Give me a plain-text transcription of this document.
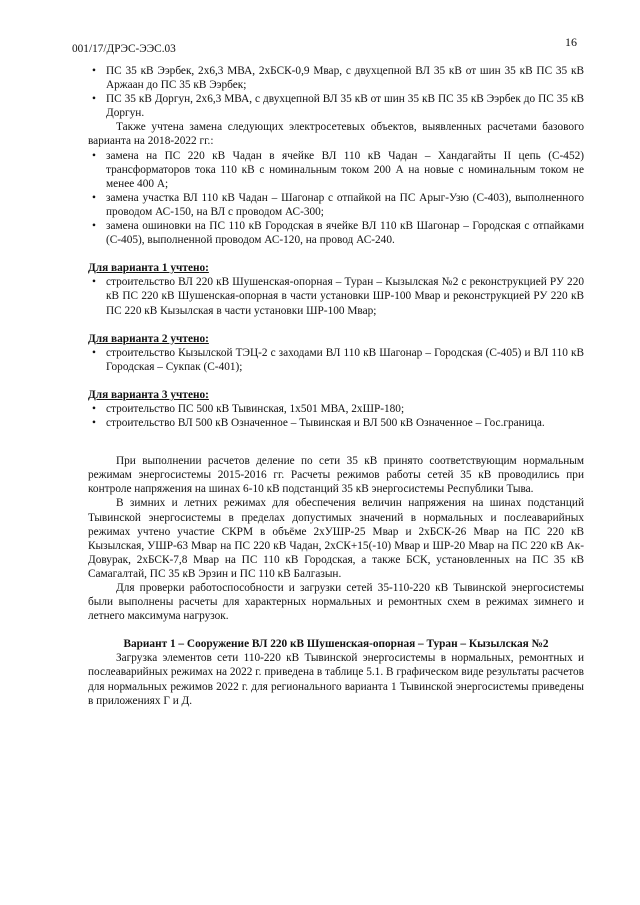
001/17/ДРЭС-ЭЭС.03	16
• ПС 35 кВ Ээрбек, 2х6,3 МВА, 2хБСК-0,9 Мвар, с двухцепной ВЛ 35 кВ от шин 35 кВ ПС 35 кВ Аржаан до ПС 35 кВ Ээрбек;
• ПС 35 кВ Доргун, 2х6,3 МВА, с двухцепной ВЛ 35 кВ от шин 35 кВ ПС 35 кВ Ээрбек до ПС 35 кВ Доргун.

Также учтена замена следующих электросетевых объектов, выявленных расчетами базового варианта на 2018-2022 гг.:

• замена на ПС 220 кВ Чадан в ячейке ВЛ 110 кВ Чадан – Хандагайты II цепь (С-452) трансформаторов тока 110 кВ с номинальным током 200 А на новые с номинальным током не менее 400 А;
• замена участка ВЛ 110 кВ Чадан – Шагонар с отпайкой на ПС Арыг-Узю (С-403), выполненного проводом АС-150, на ВЛ с проводом АС-300;
• замена ошиновки на ПС 110 кВ Городская в ячейке ВЛ 110 кВ Шагонар – Городская с отпайками (С-405), выполненной проводом АС-120, на провод АС-240.
Для варианта 1 учтено:
• строительство ВЛ 220 кВ Шушенская-опорная – Туран – Кызылская №2 с реконструкцией РУ 220 кВ ПС 220 кВ Шушенская-опорная в части установки ШР-100 Мвар и реконструкцией РУ 220 кВ ПС 220 кВ Кызылская в части установки ШР-100 Мвар;
Для варианта 2 учтено:
• строительство Кызылской ТЭЦ-2 с заходами ВЛ 110 кВ Шагонар – Городская (С-405) и ВЛ 110 кВ Городская – Сукпак (С-401);
Для варианта 3 учтено:
• строительство ПС 500 кВ Тывинская, 1х501 МВА, 2хШР-180;
• строительство ВЛ 500 кВ Означенное – Тывинская и ВЛ 500 кВ Означенное – Гос.граница.

При выполнении расчетов деление по сети 35 кВ принято соответствующим нормальным режимам энергосистемы 2015-2016 гг. Расчеты режимов работы сетей 35 кВ проводились при контроле напряжения на шинах 6-10 кВ подстанций 35 кВ энергосистемы Республики Тыва.

В зимних и летних режимах для обеспечения величин напряжения на шинах подстанций Тывинской энергосистемы в пределах допустимых значений в нормальных и послеаварийных режимах учтено участие СКРМ в объёме 2хУШР-25 Мвар и 2хБСК-26 Мвар на ПС 220 кВ Кызылская, УШР-63 Мвар на ПС 220 кВ Чадан, 2хСК+15(-10) Мвар и ШР-20 Мвар на ПС 220 кВ Ак-Довурак, 2хБСК-7,8 Мвар на ПС 110 кВ Городская, а также БСК, установленных на ПС 35 кВ Самагалтай, ПС 35 кВ Эрзин и ПС 110 кВ Балгазын.

Для проверки работоспособности и загрузки сетей 35-110-220 кВ Тывинской энергосистемы были выполнены расчеты для характерных нормальных и ремонтных схем в режимах зимнего и летнего максимума нагрузок.

Вариант 1 – Сооружение ВЛ 220 кВ Шушенская-опорная – Туран – Кызылская №2

Загрузка элементов сети 110-220 кВ Тывинской энергосистемы в нормальных, ремонтных и послеаварийных режимах на 2022 г. приведена в таблице 5.1. В графическом виде результаты расчетов для нормальных режимов 2022 г. для регионального варианта 1 Тывинской энергосистемы приведены в приложениях Г и Д.
